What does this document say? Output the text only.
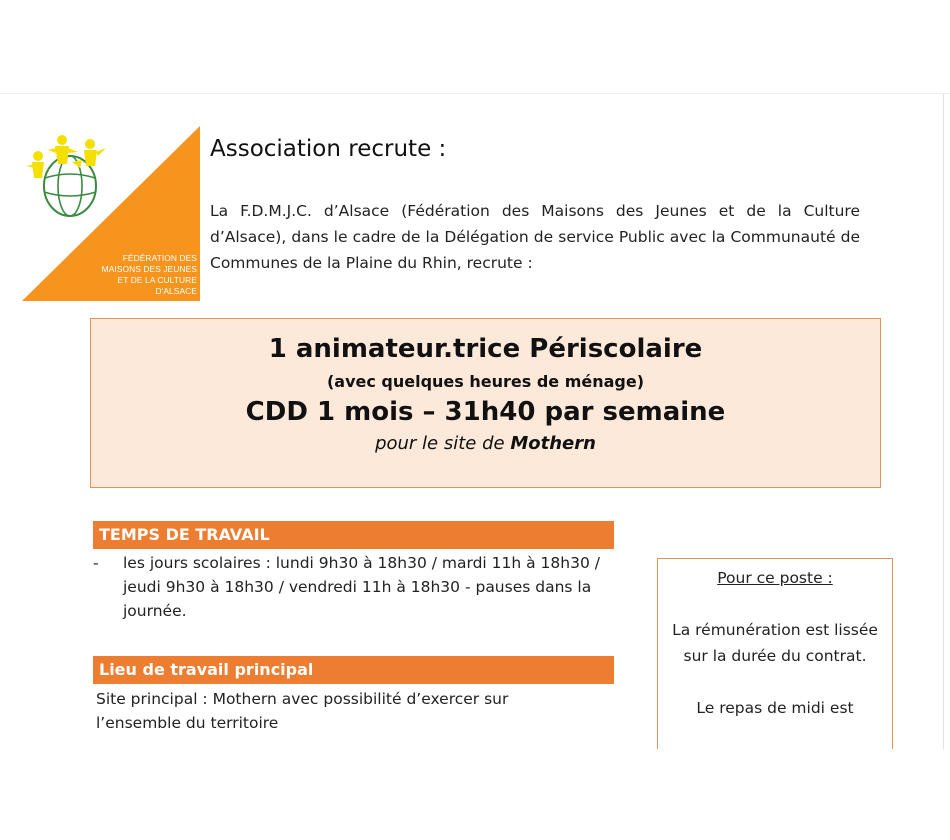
FÉDÉRATION DES
MAISONS DES JEUNES
ET DE LA CULTURE
D'ALSACE
Association recrute :

La F.D.M.J.C. d’Alsace (Fédération des Maisons des Jeunes et de la Culture d’Alsace), dans le cadre de la Délégation de service Public avec la Communauté de Communes de la Plaine du Rhin, recrute :

1 animateur.trice Périscolaire
(avec quelques heures de ménage)
CDD 1 mois – 31h40 par semaine
pour le site de Mothern
TEMPS DE TRAVAIL
-	les jours scolaires : lundi 9h30 à 18h30 / mardi 11h à 18h30 / jeudi 9h30 à 18h30 / vendredi 11h à 18h30 - pauses dans la journée.
Lieu de travail principal
Site principal : Mothern avec possibilité d’exercer sur l’ensemble du territoire

Pour ce poste :

La rémunération est lissée sur la durée du contrat.

Le repas de midi est
